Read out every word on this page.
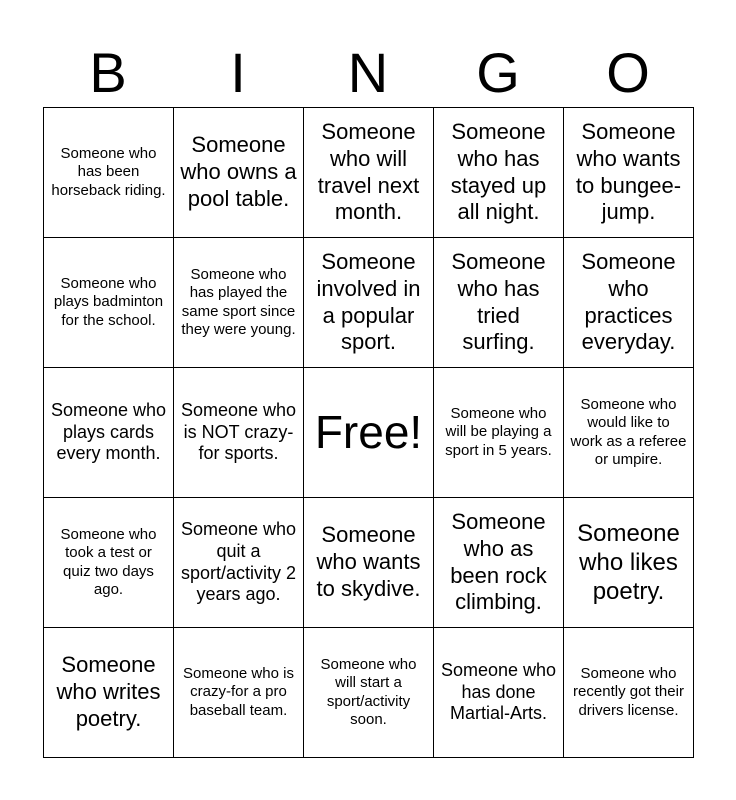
B	I	N	G	O
Someone who has been horseback riding.	Someone who owns a pool table.	Someone who will travel next month.	Someone who has stayed up all night.	Someone who wants to bungee-jump.
Someone who plays badminton for the school.	Someone who has played the same sport since they were young.	Someone involved in a popular sport.	Someone who has tried surfing.	Someone who practices everyday.
Someone who plays cards every month.	Someone who is NOT crazy-for sports.	Free!	Someone who will be playing a sport in 5 years.	Someone who would like to work as a referee or umpire.
Someone who took a test or quiz two days ago.	Someone who quit a sport/activity 2 years ago.	Someone who wants to skydive.	Someone who as been rock climbing.	Someone who likes poetry.
Someone who writes poetry.	Someone who is crazy-for a pro baseball team.	Someone who will start a sport/activity soon.	Someone who has done Martial-Arts.	Someone who recently got their drivers license.
